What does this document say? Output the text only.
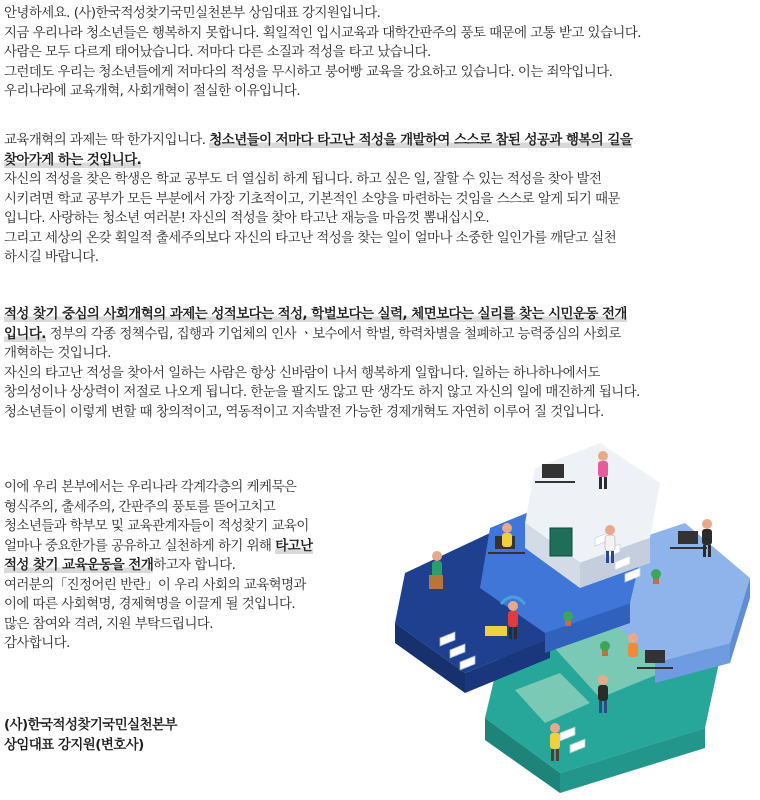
안녕하세요. (사)한국적성찾기국민실천본부 상임대표 강지원입니다.
지금 우리나라 청소년들은 행복하지 못합니다. 획일적인 입시교육과 대학간판주의 풍토 때문에 고통 받고 있습니다.
사람은 모두 다르게 태어났습니다. 저마다 다른 소질과 적성을 타고 났습니다.
그런데도 우리는 청소년들에게 저마다의 적성을 무시하고 붕어빵 교육을 강요하고 있습니다. 이는 죄악입니다.
우리나라에 교육개혁, 사회개혁이 절실한 이유입니다.
교육개혁의 과제는 딱 한가지입니다. 청소년들이 저마다 타고난 적성을 개발하여 스스로 참된 성공과 행복의 길을
찾아가게 하는 것입니다.
자신의 적성을 찾은 학생은 학교 공부도 더 열심히 하게 됩니다. 하고 싶은 일, 잘할 수 있는 적성을 찾아 발전
시키려면 학교 공부가 모든 부분에서 가장 기초적이고, 기본적인 소양을 마련하는 것임을 스스로 알게 되기 때문
입니다. 사랑하는 청소년 여러분! 자신의 적성을 찾아 타고난 재능을 마음껏 뽐내십시오.
그리고 세상의 온갖 획일적 출세주의보다 자신의 타고난 적성을 찾는 일이 얼마나 소중한 일인가를 깨닫고 실천
하시길 바랍니다.
적성 찾기 중심의 사회개혁의 과제는 성적보다는 적성, 학벌보다는 실력, 체면보다는 실리를 찾는 시민운동 전개
입니다. 정부의 각종 정책수립, 집행과 기업체의 인사 ㆍ보수에서 학벌, 학력차별을 철폐하고 능력중심의 사회로
개혁하는 것입니다.
자신의 타고난 적성을 찾아서 일하는 사람은 항상 신바람이 나서 행복하게 일합니다. 일하는 하나하나에서도
창의성이나 상상력이 저절로 나오게 됩니다. 한눈을 팔지도 않고 딴 생각도 하지 않고 자신의 일에 매진하게 됩니다.
청소년들이 이렇게 변할 때 창의적이고, 역동적이고 지속발전 가능한 경제개혁도 자연히 이루어 질 것입니다.
이에 우리 본부에서는 우리나라 각계각층의 케케묵은
형식주의, 출세주의, 간판주의 풍토를 뜯어고치고
청소년들과 학부모 및 교육관계자들이 적성찾기 교육이
얼마나 중요한가를 공유하고 실천하게 하기 위해 타고난
적성 찾기 교육운동을 전개하고자 합니다.
여러분의「진정어린 반란」이 우리 사회의 교육혁명과
이에 따른 사회혁명, 경제혁명을 이끌게 될 것입니다.
많은 참여와 격려, 지원 부탁드립니다.
감사합니다.
(사)한국적성찾기국민실천본부
상임대표 강지원(변호사)
